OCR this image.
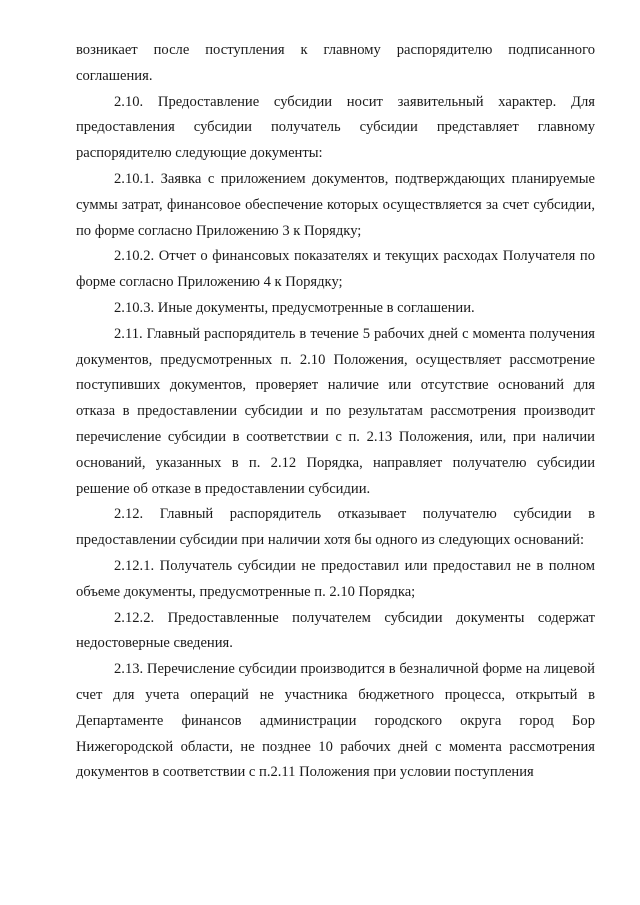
возникает после поступления к главному распорядителю подписанного соглашения.

2.10. Предоставление субсидии носит заявительный характер. Для предоставления субсидии получатель субсидии представляет главному распорядителю следующие документы:

2.10.1. Заявка с приложением документов, подтверждающих планируемые суммы затрат, финансовое обеспечение которых осуществляется за счет субсидии, по форме согласно Приложению 3 к Порядку;

2.10.2. Отчет о финансовых показателях и текущих расходах Получателя по форме согласно Приложению 4 к Порядку;

2.10.3. Иные документы, предусмотренные в соглашении.

2.11. Главный распорядитель в течение 5 рабочих дней с момента получения документов, предусмотренных п. 2.10 Положения, осуществляет рассмотрение поступивших документов, проверяет наличие или отсутствие оснований для отказа в предоставлении субсидии и по результатам рассмотрения производит перечисление субсидии в соответствии с п. 2.13 Положения, или, при наличии оснований, указанных в п. 2.12 Порядка, направляет получателю субсидии решение об отказе в предоставлении субсидии.

2.12. Главный распорядитель отказывает получателю субсидии в предоставлении субсидии при наличии хотя бы одного из следующих оснований:

2.12.1. Получатель субсидии не предоставил или предоставил не в полном объеме документы, предусмотренные п. 2.10 Порядка;

2.12.2. Предоставленные получателем субсидии документы содержат недостоверные сведения.

2.13. Перечисление субсидии производится в безналичной форме на лицевой счет для учета операций не участника бюджетного процесса, открытый в Департаменте финансов администрации городского округа город Бор Нижегородской области, не позднее 10 рабочих дней с момента рассмотрения документов в соответствии с п.2.11 Положения при условии поступления
